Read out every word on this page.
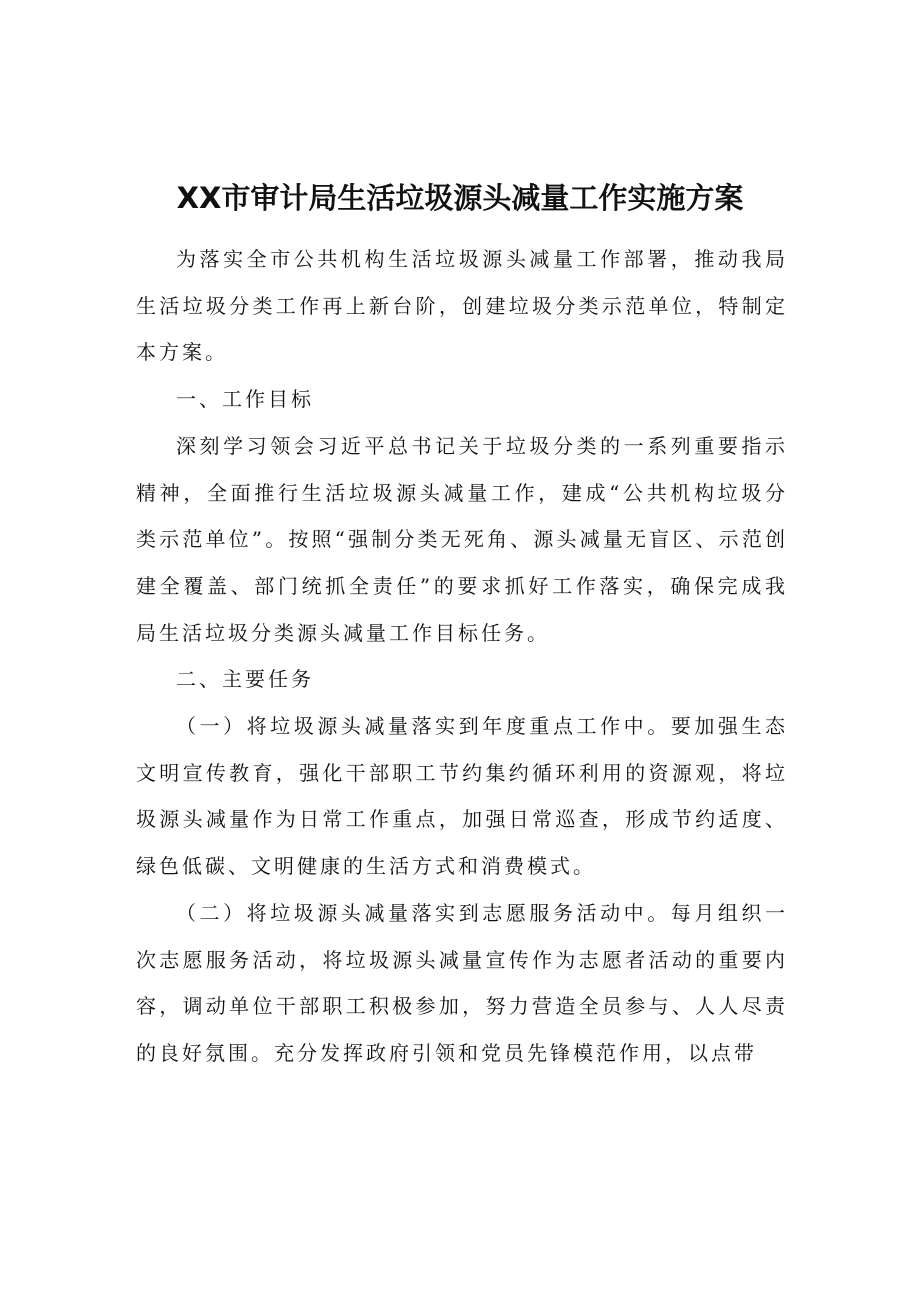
XX市审计局生活垃圾源头减量工作实施方案

为落实全市公共机构生活垃圾源头减量工作部署，推动我局生活垃圾分类工作再上新台阶，创建垃圾分类示范单位，特制定本方案。

一、工作目标

深刻学习领会习近平总书记关于垃圾分类的一系列重要指示精神，全面推行生活垃圾源头减量工作，建成“公共机构垃圾分类示范单位”。按照“强制分类无死角、源头减量无盲区、示范创建全覆盖、部门统抓全责任”的要求抓好工作落实，确保完成我局生活垃圾分类源头减量工作目标任务。

二、主要任务

（一）将垃圾源头减量落实到年度重点工作中。要加强生态文明宣传教育，强化干部职工节约集约循环利用的资源观，将垃圾源头减量作为日常工作重点，加强日常巡查，形成节约适度、绿色低碳、文明健康的生活方式和消费模式。

（二）将垃圾源头减量落实到志愿服务活动中。每月组织一次志愿服务活动，将垃圾源头减量宣传作为志愿者活动的重要内容，调动单位干部职工积极参加，努力营造全员参与、人人尽责的良好氛围。充分发挥政府引领和党员先锋模范作用，以点带
